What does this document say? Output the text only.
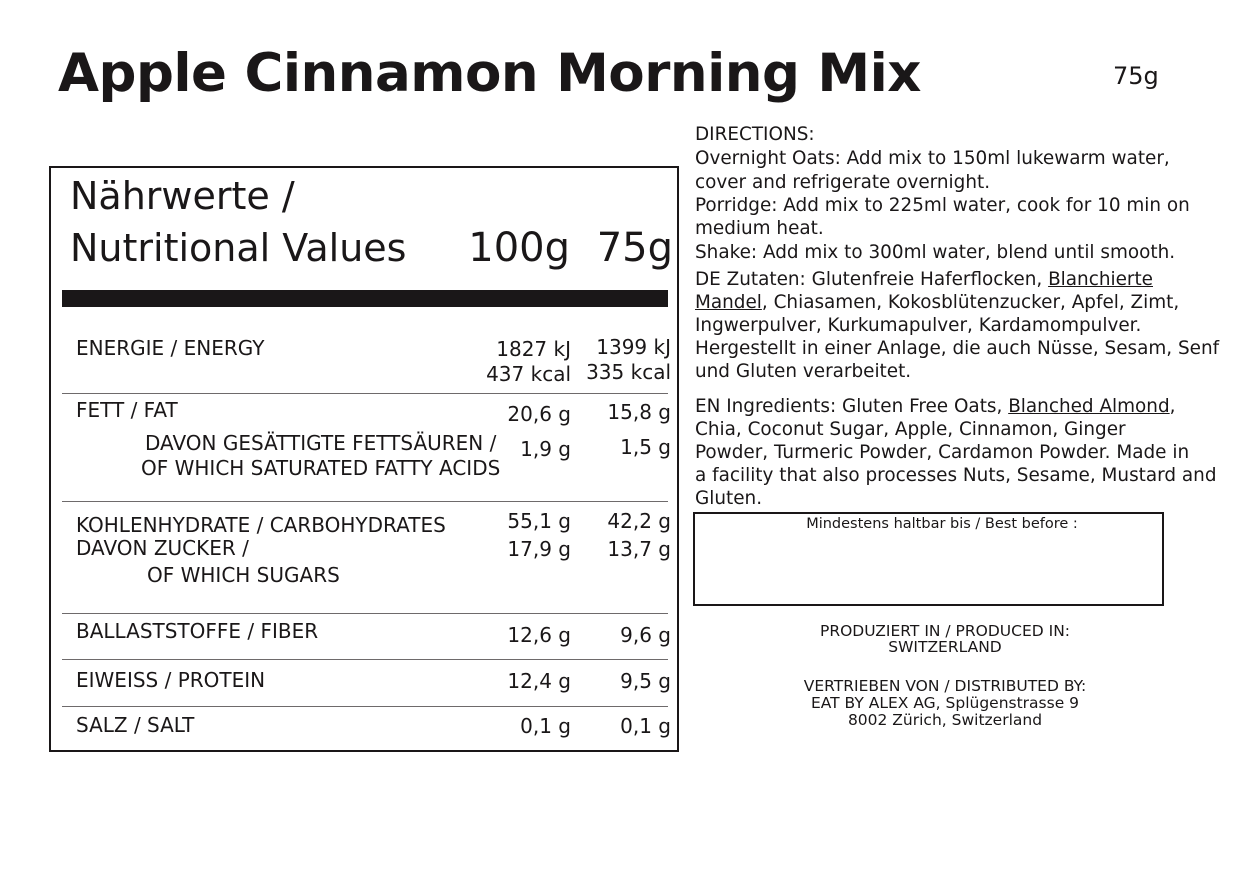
Apple Cinnamon Morning Mix	75g
Nährwerte /
Nutritional Values 100g 75g
ENERGIE / ENERGY	1827 kJ 1399 kJ
437 kcal 335 kcal
FETT / FAT	20,6 g 15,8 g
DAVON GESÄTTIGTE FETTSÄUREN /
OF WHICH SATURATED FATTY ACIDS
1,9 g 1,5 g
KOHLENHYDRATE / CARBOHYDRATES	55,1 g 42,2 g
DAVON ZUCKER /
OF WHICH SUGARS
17,9 g 13,7 g
BALLASTSTOFFE / FIBER	12,6 g 9,6 g
EIWEISS / PROTEIN	12,4 g 9,5 g
SALZ / SALT	0,1 g 0,1 g
DIRECTIONS:
Overnight Oats: Add mix to 150ml lukewarm water,
cover and refrigerate overnight.
Porridge: Add mix to 225ml water, cook for 10 min on
medium heat.
Shake: Add mix to 300ml water, blend until smooth.
DE Zutaten: Glutenfreie Haferflocken, Blanchierte
Mandel, Chiasamen, Kokosblütenzucker, Apfel, Zimt,
Ingwerpulver, Kurkumapulver, Kardamompulver.
Hergestellt in einer Anlage, die auch Nüsse, Sesam, Senf
und Gluten verarbeitet.
EN Ingredients: Gluten Free Oats, Blanched Almond,
Chia, Coconut Sugar, Apple, Cinnamon, Ginger
Powder, Turmeric Powder, Cardamon Powder. Made in
a facility that also processes Nuts, Sesame, Mustard and
Gluten.
Mindestens haltbar bis / Best before :
PRODUZIERT IN / PRODUCED IN:
SWITZERLAND
VERTRIEBEN VON / DISTRIBUTED BY:
EAT BY ALEX AG, Splügenstrasse 9
8002 Zürich, Switzerland
